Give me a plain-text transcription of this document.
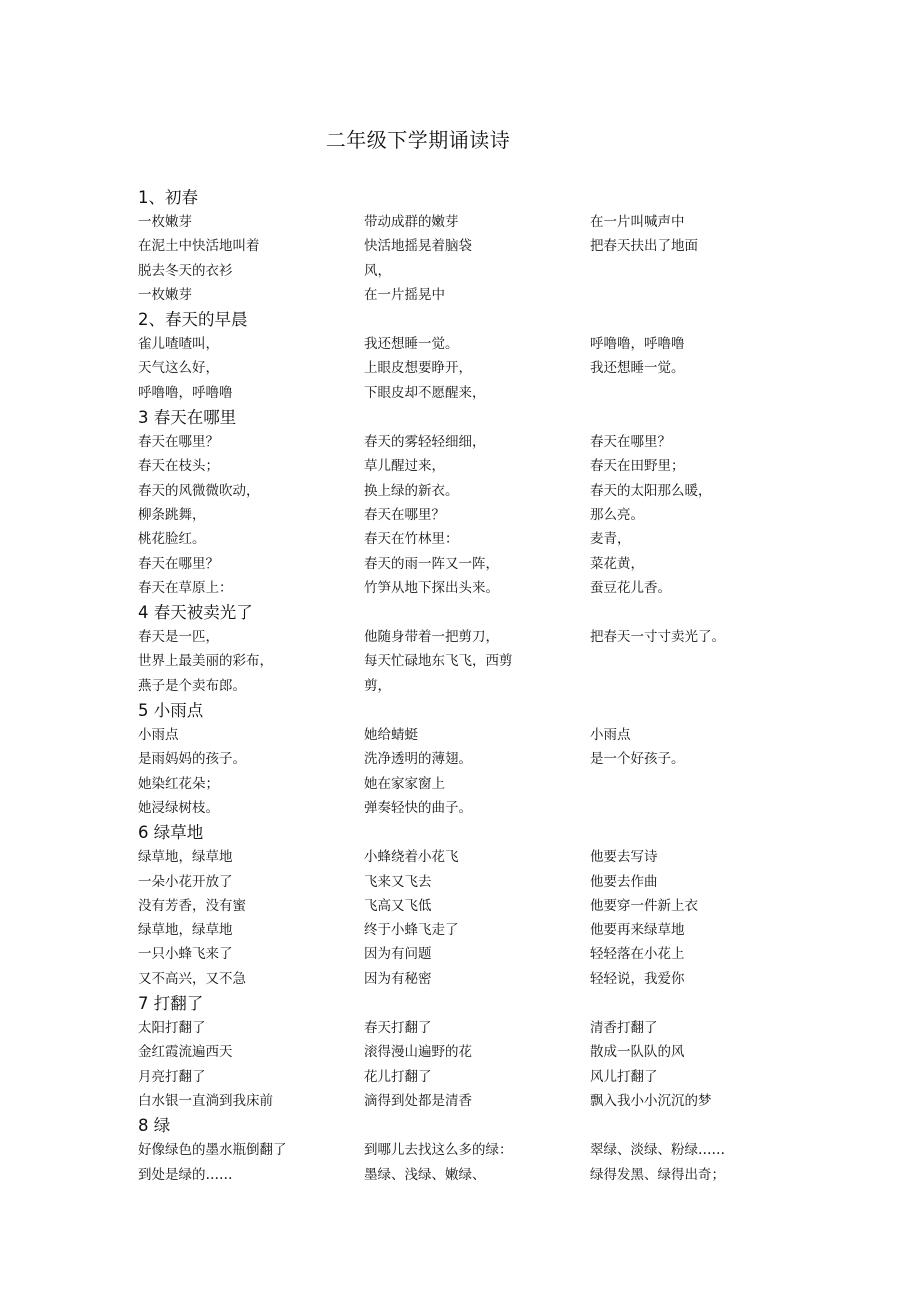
二年级下学期诵读诗
1、初春
一枚嫩芽	带动成群的嫩芽	在一片叫喊声中
在泥土中快活地叫着	快活地摇晃着脑袋	把春天扶出了地面
脱去冬天的衣衫	风，
一枚嫩芽	在一片摇晃中
2、春天的早晨
雀儿喳喳叫，	我还想睡一觉。	呼噜噜，呼噜噜
天气这么好，	上眼皮想要睁开，	我还想睡一觉。
呼噜噜，呼噜噜	下眼皮却不愿醒来，
3 春天在哪里
春天在哪里？	春天的雾轻轻细细，	春天在哪里？
春天在枝头；	草儿醒过来，	春天在田野里；
春天的风微微吹动，	换上绿的新衣。	春天的太阳那么暖，
柳条跳舞，	春天在哪里？	那么亮。
桃花脸红。	春天在竹林里：	麦青，
春天在哪里？	春天的雨一阵又一阵，	菜花黄，
春天在草原上：	竹笋从地下探出头来。	蚕豆花儿香。
4 春天被卖光了
春天是一匹，	他随身带着一把剪刀，	把春天一寸寸卖光了。
世界上最美丽的彩布，	每天忙碌地东飞飞，西剪
燕子是个卖布郎。	剪，
5 小雨点
小雨点	她给蜻蜓	小雨点
是雨妈妈的孩子。	洗净透明的薄翅。	是一个好孩子。
她染红花朵；	她在家家窗上
她浸绿树枝。	弹奏轻快的曲子。
6 绿草地
绿草地，绿草地	小蜂绕着小花飞	他要去写诗
一朵小花开放了	飞来又飞去	他要去作曲
没有芳香，没有蜜	飞高又飞低	他要穿一件新上衣
绿草地，绿草地	终于小蜂飞走了	他要再来绿草地
一只小蜂飞来了	因为有问题	轻轻落在小花上
又不高兴，又不急	因为有秘密	轻轻说，我爱你
7 打翻了
太阳打翻了	春天打翻了	清香打翻了
金红霞流遍西天	滚得漫山遍野的花	散成一队队的风
月亮打翻了	花儿打翻了	风儿打翻了
白水银一直淌到我床前	滴得到处都是清香	飘入我小小沉沉的梦
8 绿
好像绿色的墨水瓶倒翻了	到哪儿去找这么多的绿：	翠绿、淡绿、粉绿……
到处是绿的……	墨绿、浅绿、嫩绿、	绿得发黑、绿得出奇；
